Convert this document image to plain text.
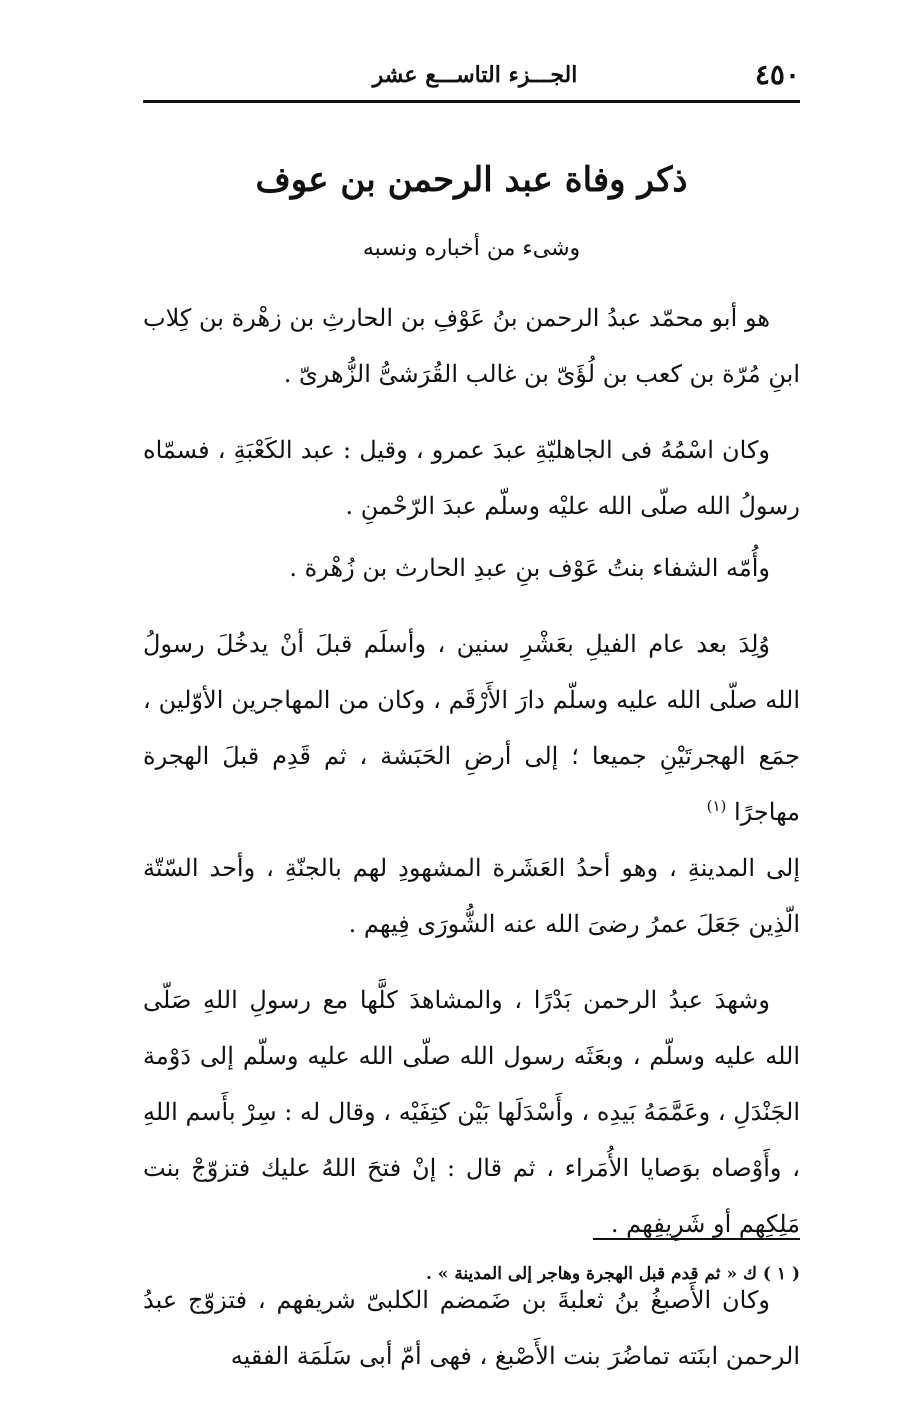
٤٥٠
الجـــزء التاســـع عشر
ذكر وفاة عبد الرحمن بن عوف
وشىء من أخباره ونسبه

هو أبو محمّد عبدُ الرحمن بنُ عَوْفِ بن الحارثِ بن زهْرة بن كِلاب ابنِ مُرّة بن كعب بن لُؤَىّ بن غالب القُرَشىُّ الزُّهرىّ .

وكان اسْمُهُ فى الجاهليّةِ عبدَ عمرو ، وقيل : عبد الكَعْبَةِ ، فسمّاه رسولُ الله صلّى الله عليْه وسلّم عبدَ الرّحْمنِ .

وأُمّه الشفاء بنتُ عَوْف بنِ عبدِ الحارث بن زُهْرة .

وُلِدَ بعد عام الفيلِ بعَشْرِ سنين ، وأسلَم قبلَ أنْ يدخُلَ رسولُ الله صلّى الله عليه وسلّم دارَ الأَرْقَم ، وكان من المهاجرين الأوّلين ، جمَع الهجرتَيْنِ جميعا ؛ إلى أرضِ الحَبَشة ، ثم قَدِم قبلَ الهجرة مهاجرًا $^{(١)}$

إلى المدينةِ ، وهو أحدُ العَشَرة المشهودِ لهم بالجنّةِ ، وأحد السّتّة الّذِين جَعَلَ عمرُ رضىَ الله عنه الشُّورَى فِيهم .

وشهدَ عبدُ الرحمن بَدْرًا ، والمشاهدَ كلَّها مع رسولِ اللهِ صَلّى الله عليه وسلّم ، وبعَثَه رسول الله صلّى الله عليه وسلّم إلى دَوْمة الجَنْدَلِ ، وعَمَّمَهُ بَيدِه ، وأَسْدَلَها بَيْن كتِفَيْه ، وقال له : سِرْ بأَسم اللهِ ، وأَوْصاه بوَصايا الأُمَراء ، ثم قال : إنْ فتحَ اللهُ عليك فتزوّجْ بنت مَلِكِهم أو شَرِيفِهم .

وكان الأَصبغُ بنُ ثعلبةَ بن ضَمضم الكلبىّ شريفهم ، فتزوّج عبدُ الرحمن ابنَته تماضُرَ بنت الأَصْبغ ، فهى أمّ أبى سَلَمَة الفقيه

( ١ ) ك « ثم قدم قبل الهجرة وهاجر إلى المدينة » .
